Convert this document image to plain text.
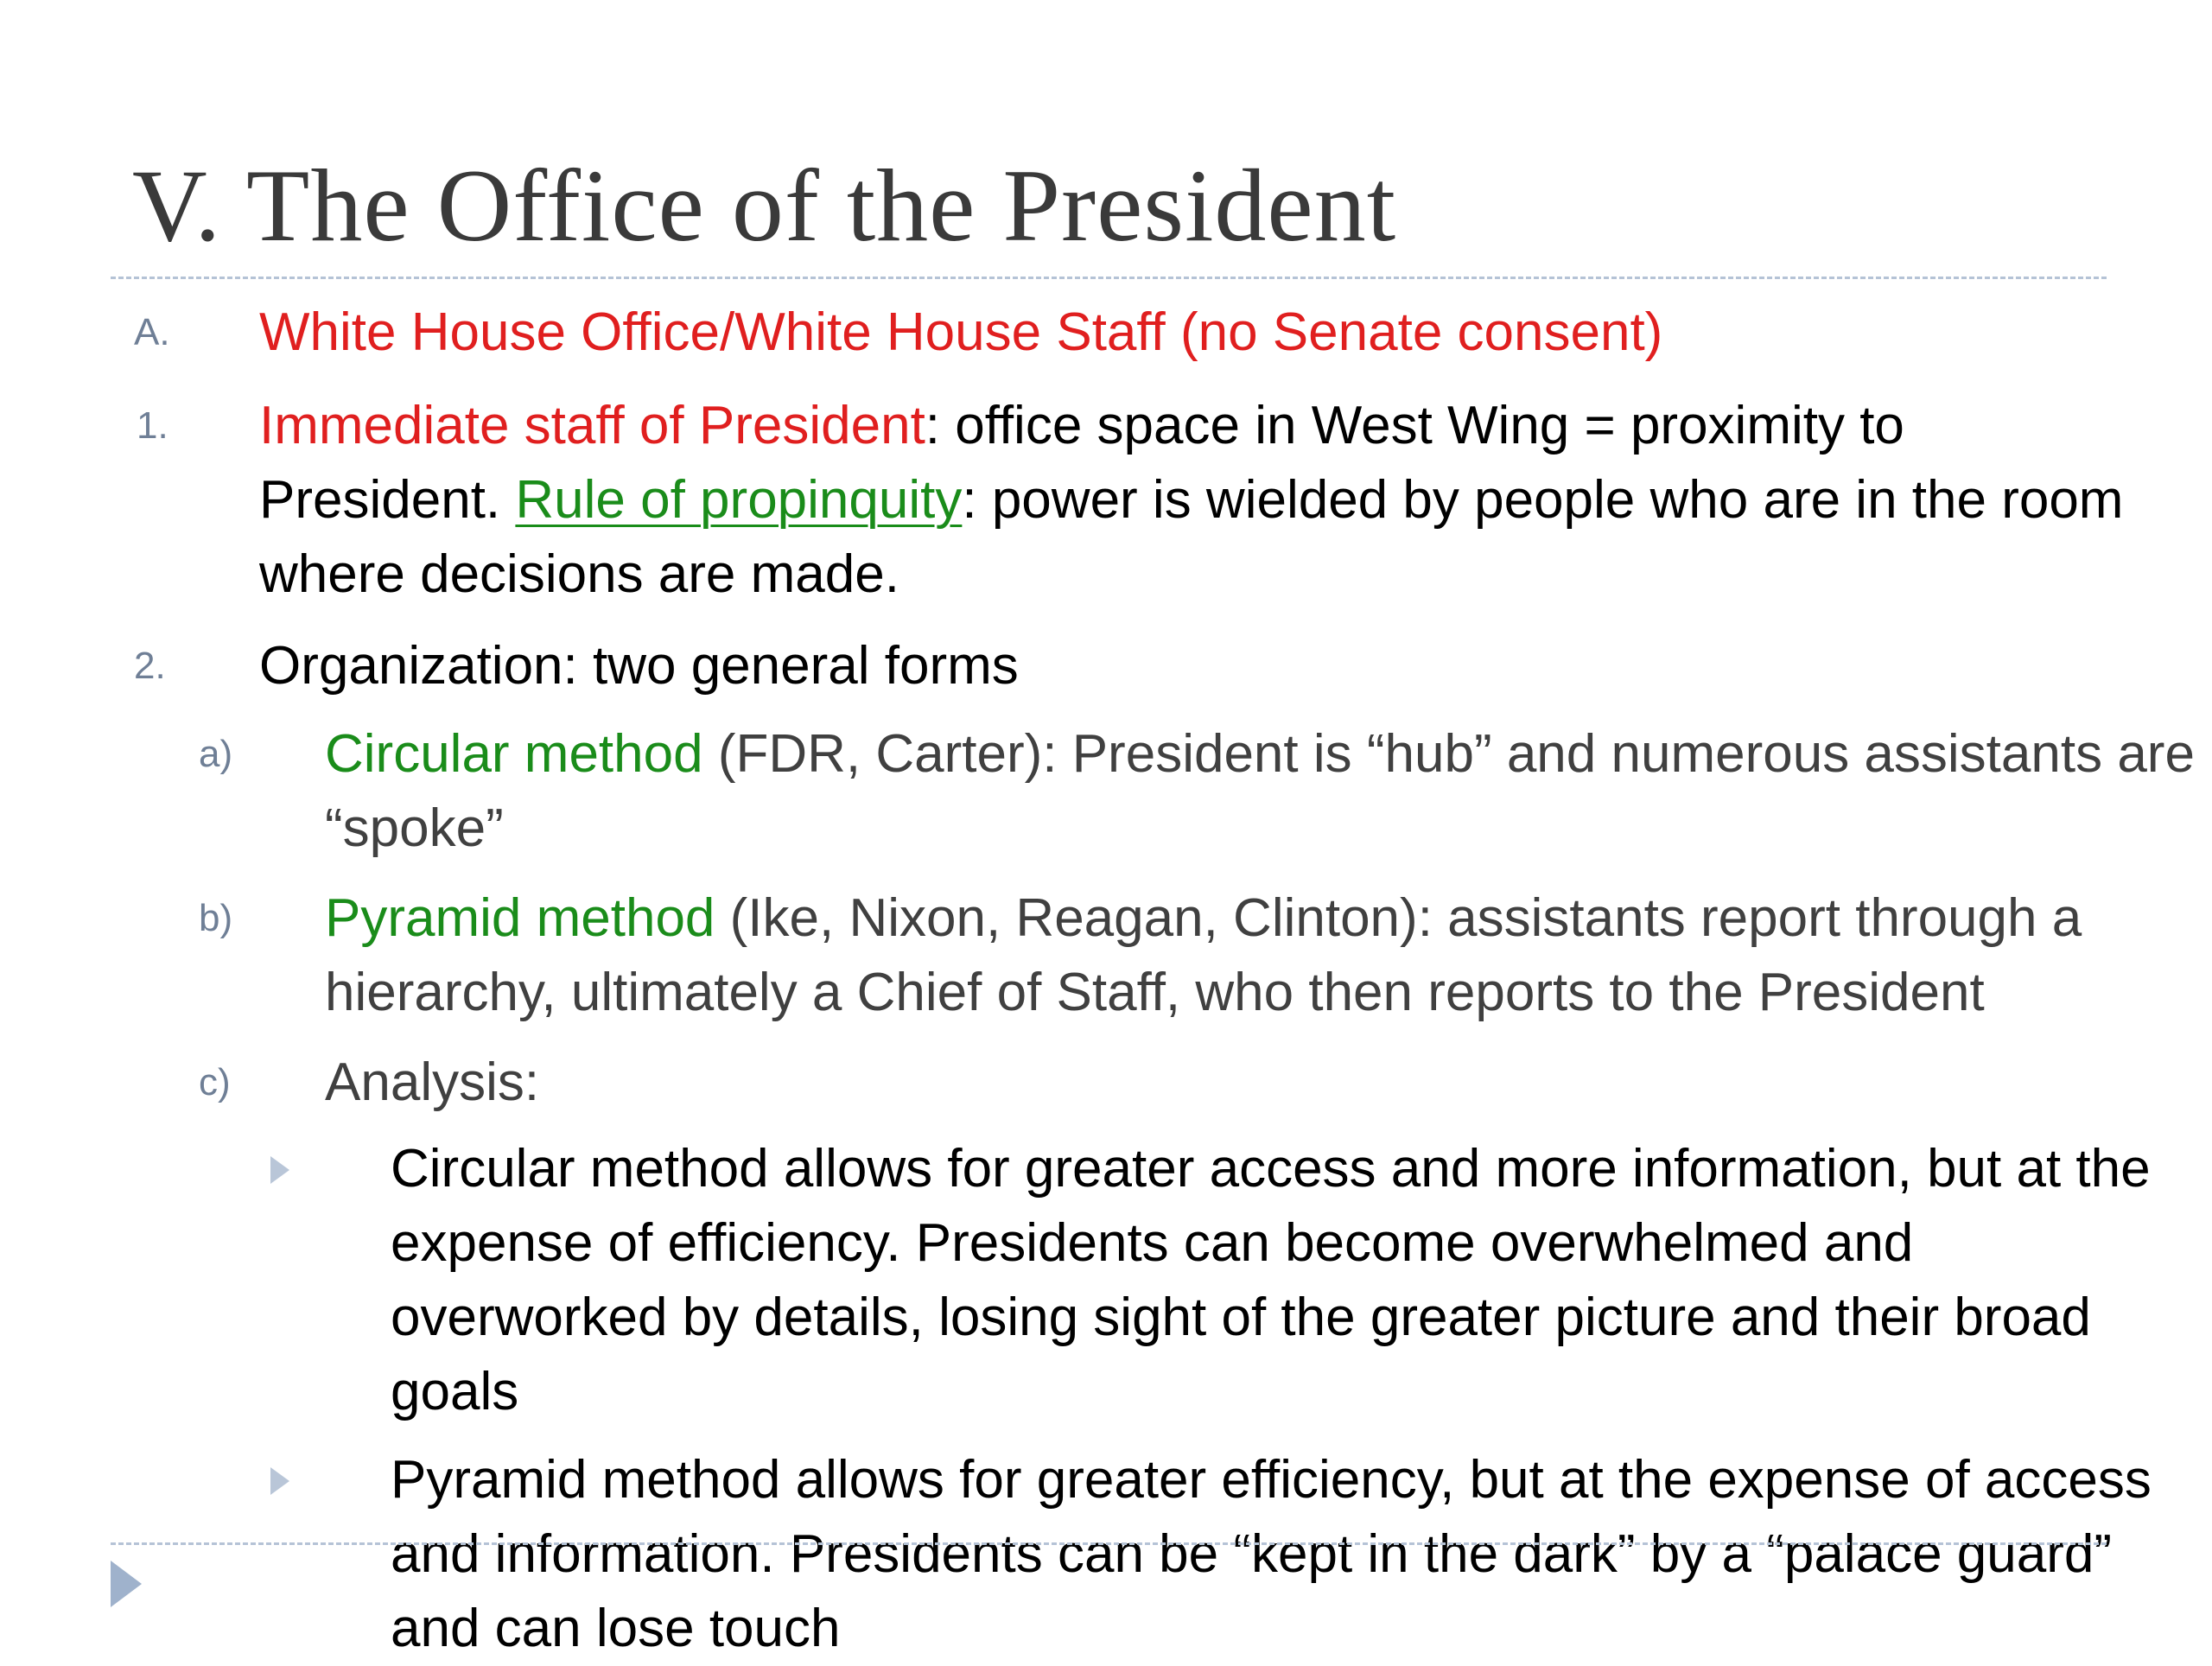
V. The Office of the President
A. White House Office/White House Staff (no Senate consent)
1. Immediate staff of President: office space in West Wing = proximity to President. Rule of propinquity: power is wielded by people who are in the room where decisions are made.
2. Organization: two general forms
a) Circular method (FDR, Carter): President is “hub” and numerous assistants are “spoke”
b) Pyramid method (Ike, Nixon, Reagan, Clinton): assistants report through a hierarchy, ultimately a Chief of Staff, who then reports to the President
c) Analysis:
Circular method allows for greater access and more information, but at the expense of efficiency. Presidents can become overwhelmed and overworked by details, losing sight of the greater picture and their broad goals
Pyramid method allows for greater efficiency, but at the expense of access and information. Presidents can be “kept in the dark” by a “palace guard” and can lose touch
